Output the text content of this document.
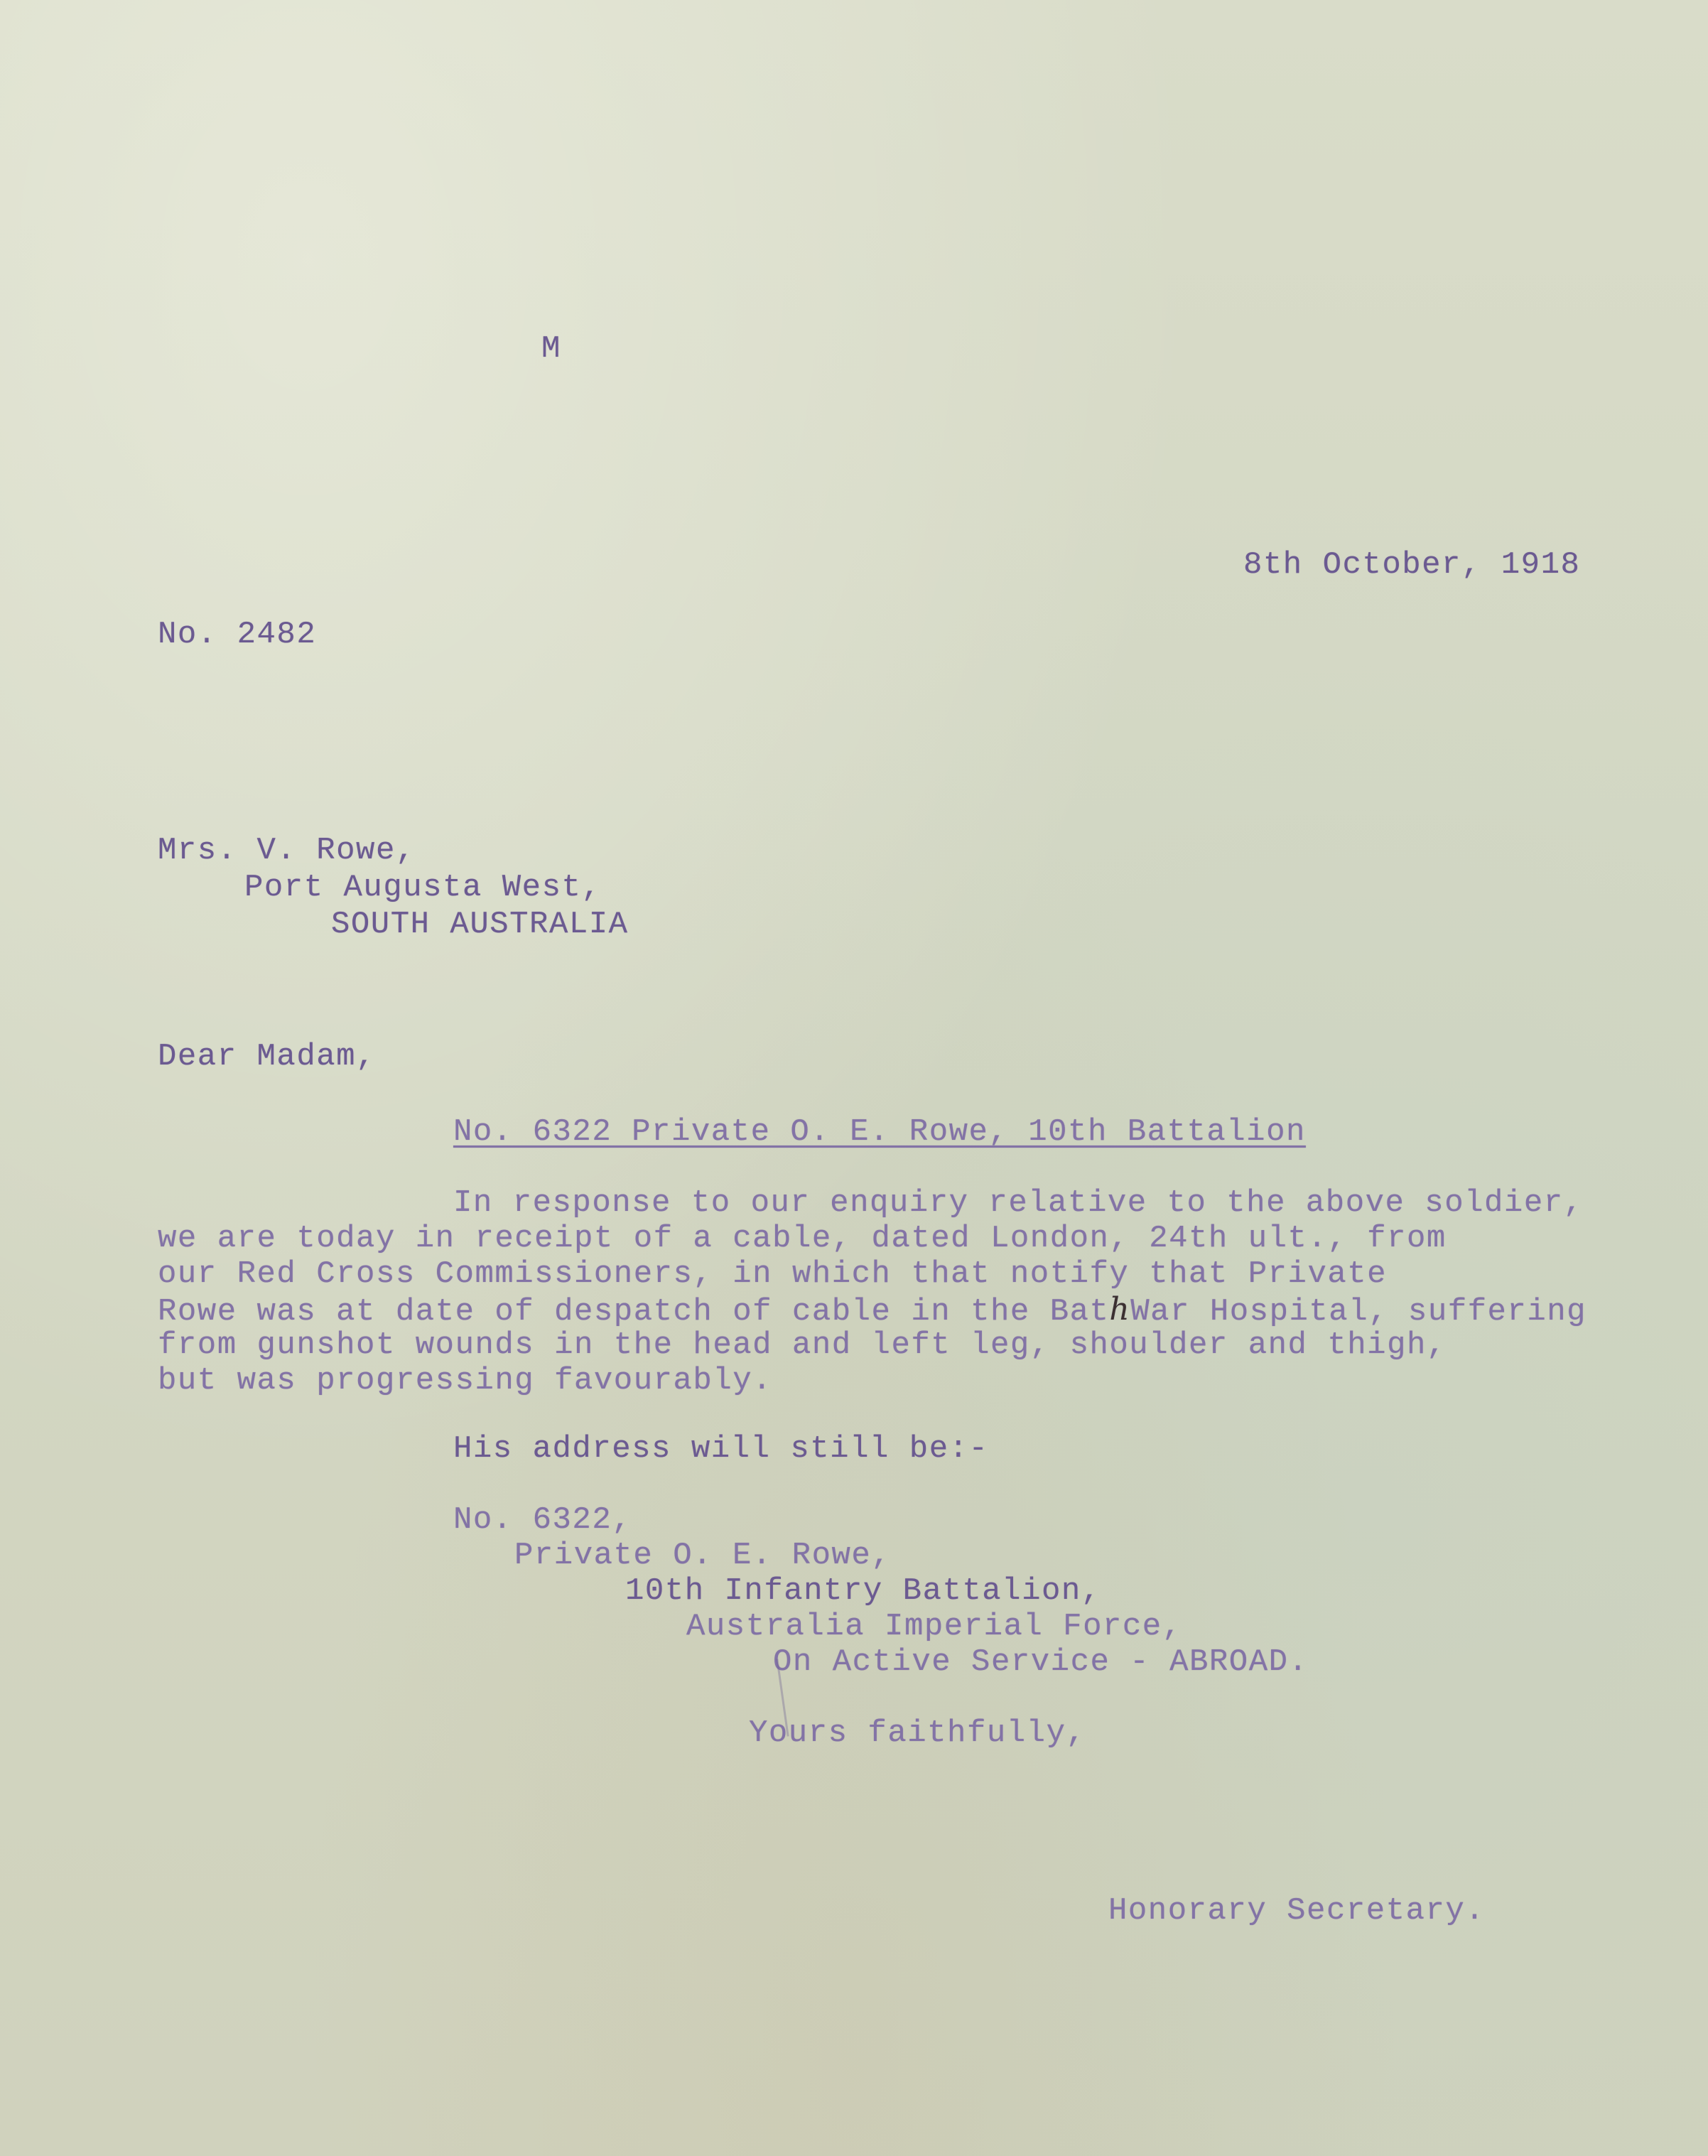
M
8th October, 1918
No. 2482
Mrs. V. Rowe,
Port Augusta West,
SOUTH AUSTRALIA
Dear Madam,
No. 6322 Private O. E. Rowe, 10th Battalion
In response to our enquiry relative to the above soldier,
we are today in receipt of a cable, dated London, 24th ult., from
our Red Cross Commissioners, in which that notify that Private
Rowe was at date of despatch of cable in the BathWar Hospital, suffering
from gunshot wounds in the head and left leg, shoulder and thigh,
but was progressing favourably.
His address will still be:-
No. 6322,
Private O. E. Rowe,
10th Infantry Battalion,
Australia Imperial Force,
On Active Service - ABROAD.
Yours faithfully,
Honorary Secretary.
